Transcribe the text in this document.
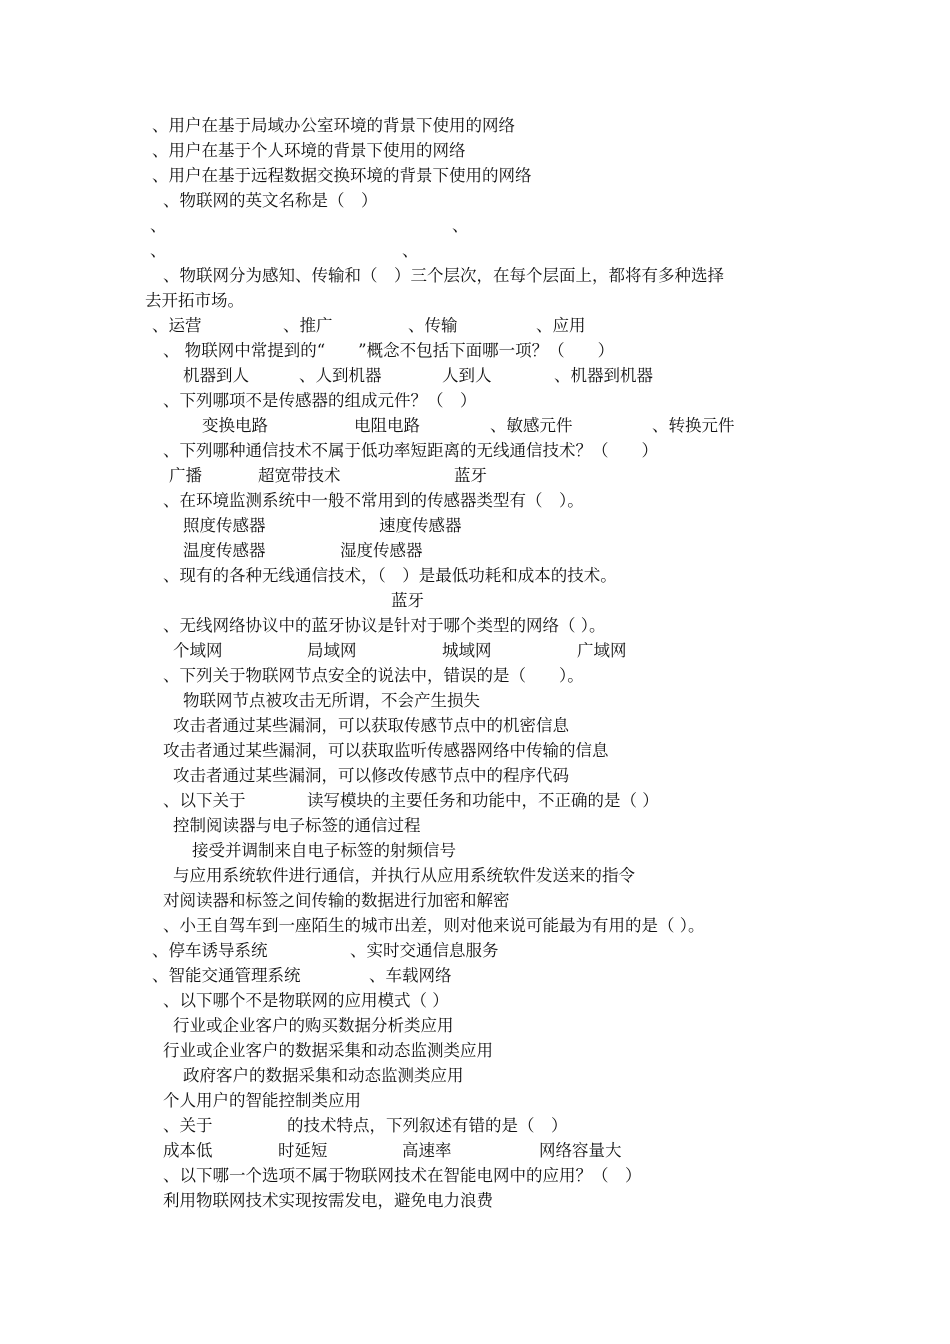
、用户在基于局域办公室环境的背景下使用的网络
、用户在基于个人环境的背景下使用的网络
、用户在基于远程数据交换环境的背景下使用的网络
、物联网的英文名称是（　）
、	、
、	、
、物联网分为感知、传输和（　）三个层次，在每个层面上，都将有多种选择
去开拓市场。
、运营	、推广	、传输	、应用
、 物联网中常提到的“　　”概念不包括下面哪一项？（　　）
机器到人	、人到机器	人到人	、机器到机器
、下列哪项不是传感器的组成元件？（　）
变换电路	电阻电路	、敏感元件	、转换元件
、下列哪种通信技术不属于低功率短距离的无线通信技术？（　　）
广播	超宽带技术	蓝牙
、在环境监测系统中一般不常用到的传感器类型有（　）。
照度传感器	速度传感器
温度传感器	湿度传感器
、现有的各种无线通信技术，（　）是最低功耗和成本的技术。
蓝牙
、无线网络协议中的蓝牙协议是针对于哪个类型的网络（ ）。
个域网	局域网	城域网	广域网
、下列关于物联网节点安全的说法中，错误的是（　　）。
物联网节点被攻击无所谓，不会产生损失
攻击者通过某些漏洞，可以获取传感节点中的机密信息
攻击者通过某些漏洞，可以获取监听传感器网络中传输的信息
攻击者通过某些漏洞，可以修改传感节点中的程序代码
、以下关于	读写模块的主要任务和功能中，不正确的是（ ）
控制阅读器与电子标签的通信过程
接受并调制来自电子标签的射频信号
与应用系统软件进行通信，并执行从应用系统软件发送来的指令
对阅读器和标签之间传输的数据进行加密和解密
、小王自驾车到一座陌生的城市出差，则对他来说可能最为有用的是（ ）。
、停车诱导系统	、实时交通信息服务
、智能交通管理系统	、车载网络
、以下哪个不是物联网的应用模式（ ）
行业或企业客户的购买数据分析类应用
行业或企业客户的数据采集和动态监测类应用
政府客户的数据采集和动态监测类应用
个人用户的智能控制类应用
、关于	的技术特点，下列叙述有错的是（　）
成本低	时延短	高速率	网络容量大
、以下哪一个选项不属于物联网技术在智能电网中的应用？（　）
利用物联网技术实现按需发电，避免电力浪费
